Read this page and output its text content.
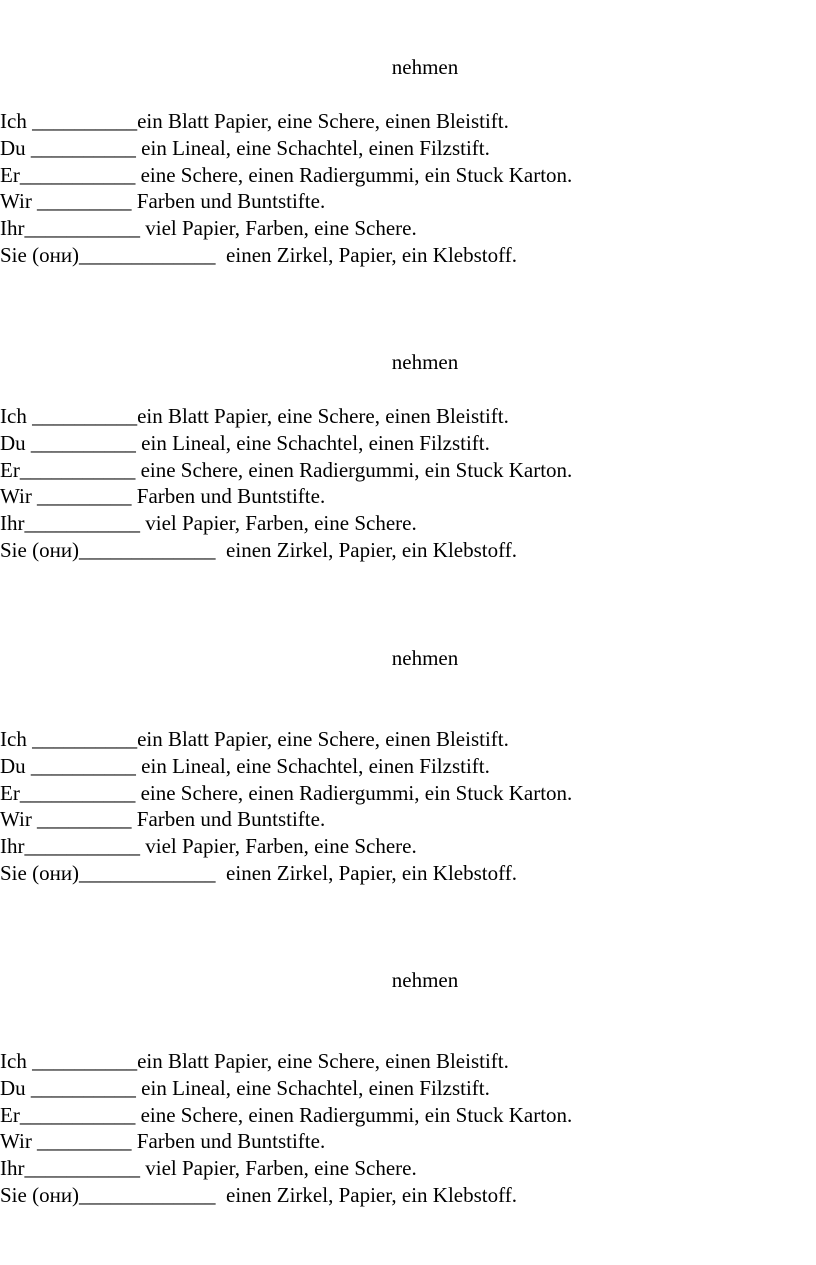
nehmen
Ich __________ein Blatt Papier, eine Schere, einen Bleistift.
Du __________ ein Lineal, eine Schachtel, einen Filzstift.
Er___________ eine Schere, einen Radiergummi, ein Stuck Karton.
Wir _________ Farben und Buntstifte.
Ihr___________ viel Papier, Farben, eine Schere.
Sie (они)_____________  einen Zirkel, Papier, ein Klebstoff.
nehmen
Ich __________ein Blatt Papier, eine Schere, einen Bleistift.
Du __________ ein Lineal, eine Schachtel, einen Filzstift.
Er___________ eine Schere, einen Radiergummi, ein Stuck Karton.
Wir _________ Farben und Buntstifte.
Ihr___________ viel Papier, Farben, eine Schere.
Sie (они)_____________  einen Zirkel, Papier, ein Klebstoff.
nehmen
Ich __________ein Blatt Papier, eine Schere, einen Bleistift.
Du __________ ein Lineal, eine Schachtel, einen Filzstift.
Er___________ eine Schere, einen Radiergummi, ein Stuck Karton.
Wir _________ Farben und Buntstifte.
Ihr___________ viel Papier, Farben, eine Schere.
Sie (они)_____________  einen Zirkel, Papier, ein Klebstoff.
nehmen
Ich __________ein Blatt Papier, eine Schere, einen Bleistift.
Du __________ ein Lineal, eine Schachtel, einen Filzstift.
Er___________ eine Schere, einen Radiergummi, ein Stuck Karton.
Wir _________ Farben und Buntstifte.
Ihr___________ viel Papier, Farben, eine Schere.
Sie (они)_____________  einen Zirkel, Papier, ein Klebstoff.
